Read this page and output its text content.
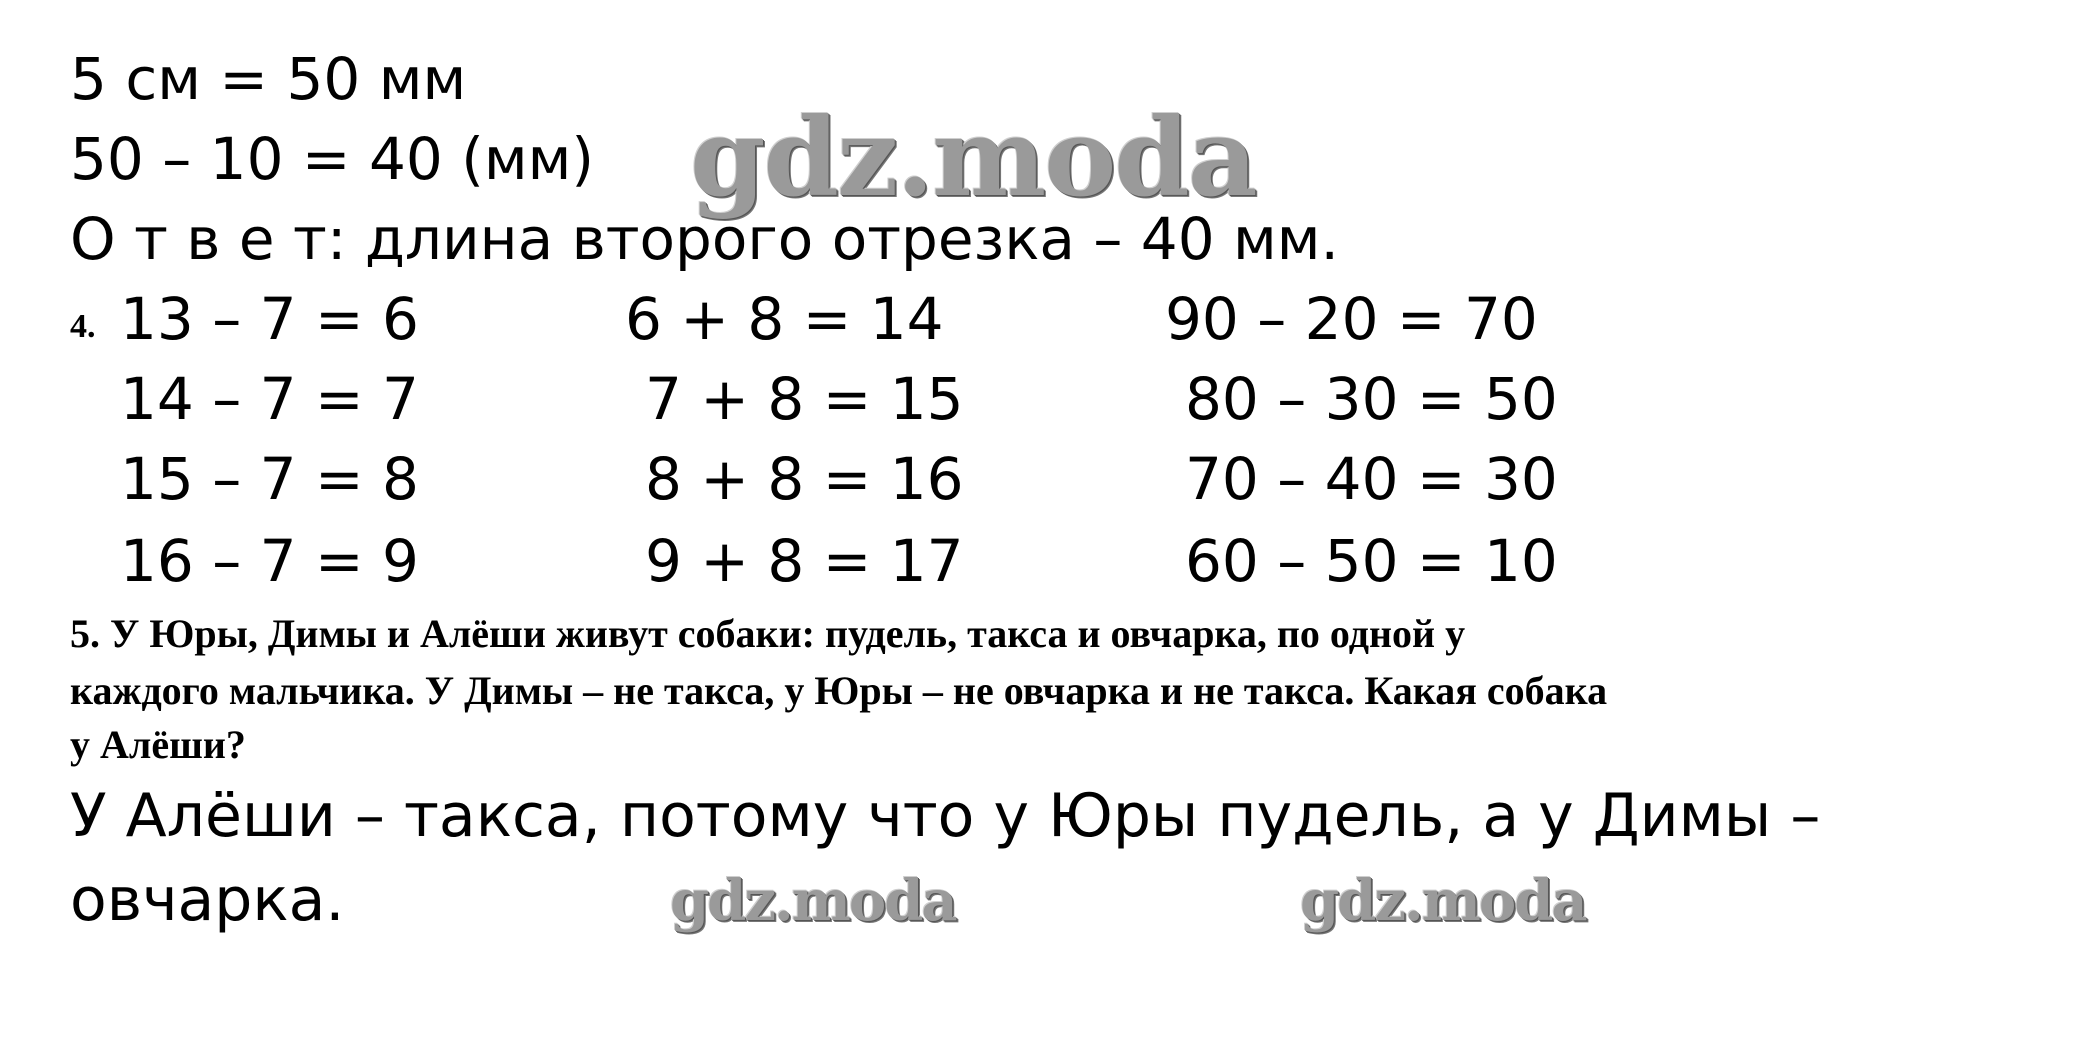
5 см = 50 мм
50 – 10 = 40 (мм)
О т в е т: длина второго отрезка – 40 мм.
4. 13 – 7 = 6
14 – 7 = 7
15 – 7 = 8
16 – 7 = 9
6 + 8 = 14
7 + 8 = 15
8 + 8 = 16
9 + 8 = 17
90 – 20 = 70
80 – 30 = 50
70 – 40 = 30
60 – 50 = 10
5. У Юры, Димы и Алёши живут собаки: пудель, такса и овчарка, по одной у
каждого мальчика. У Димы – не такса, у Юры – не овчарка и не такса. Какая собака
у Алёши?
У Алёши – такса, потому что у Юры пудель, а у Димы –
овчарка.
gdz.moda
gdz.moda	gdz.moda
